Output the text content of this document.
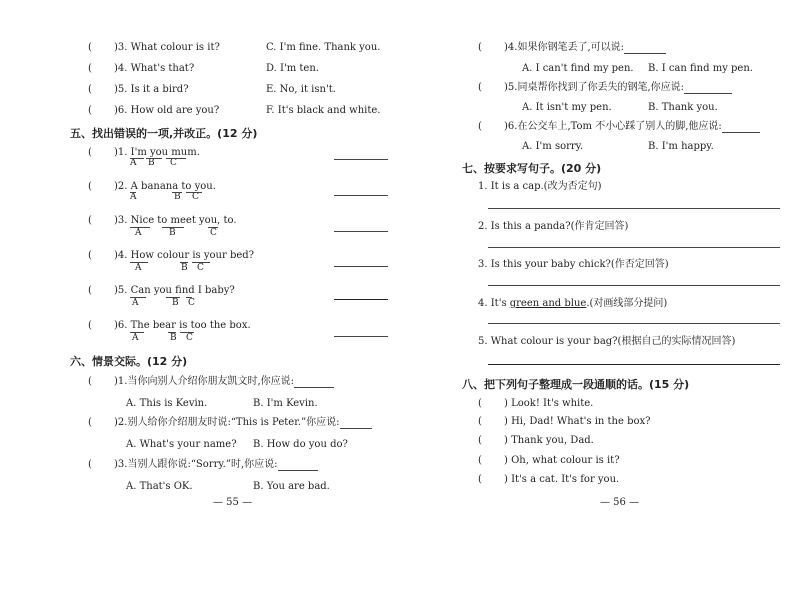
( )3. What colour is it?	C. I'm fine. Thank you.
( )4. What's that?	D. I'm ten.
( )5. Is it a bird?	E. No, it isn't.
( )6. How old are you?	F. It's black and white.
五、找出错误的一项,并改正。(12 分)
( )1. I'm you mum.
A B C
( )2. A banana to you.
A	B C
( )3. Nice to meet you, to.
A	B	C
( )4. How colour is your bed?
A	B C
( )5. Can you find I baby?
A	B C
( )6. The bear is too the box.
A	B C
六、情景交际。(12 分)
( )1.当你向别人介绍你朋友凯文时,你应说:
A. This is Kevin.	B. I'm Kevin.
( )2.别人给你介绍朋友时说:“This is Peter.”你应说:
A. What's your name? B. How do you do?
( )3.当别人跟你说:“Sorry.”时,你应说:
A. That's OK.	B. You are bad.
— 55 —
( )4.如果你钢笔丢了,可以说:
A. I can't find my pen. B. I can find my pen.
( )5.同桌帮你找到了你丢失的钢笔,你应说:
A. It isn't my pen.	B. Thank you.
( )6.在公交车上,Tom 不小心踩了别人的脚,他应说:
A. I'm sorry.	B. I'm happy.
七、按要求写句子。(20 分)
1. It is a cap.(改为否定句)
2. Is this a panda?(作肯定回答)
3. Is this your baby chick?(作否定回答)
4. It's green and blue.(对画线部分提问)
5. What colour is your bag?(根据自己的实际情况回答)
八、把下列句子整理成一段通顺的话。(15 分)
( ) Look! It's white.
( ) Hi, Dad! What's in the box?
( ) Thank you, Dad.
( ) Oh, what colour is it?
( ) It's a cat. It's for you.
— 56 —
